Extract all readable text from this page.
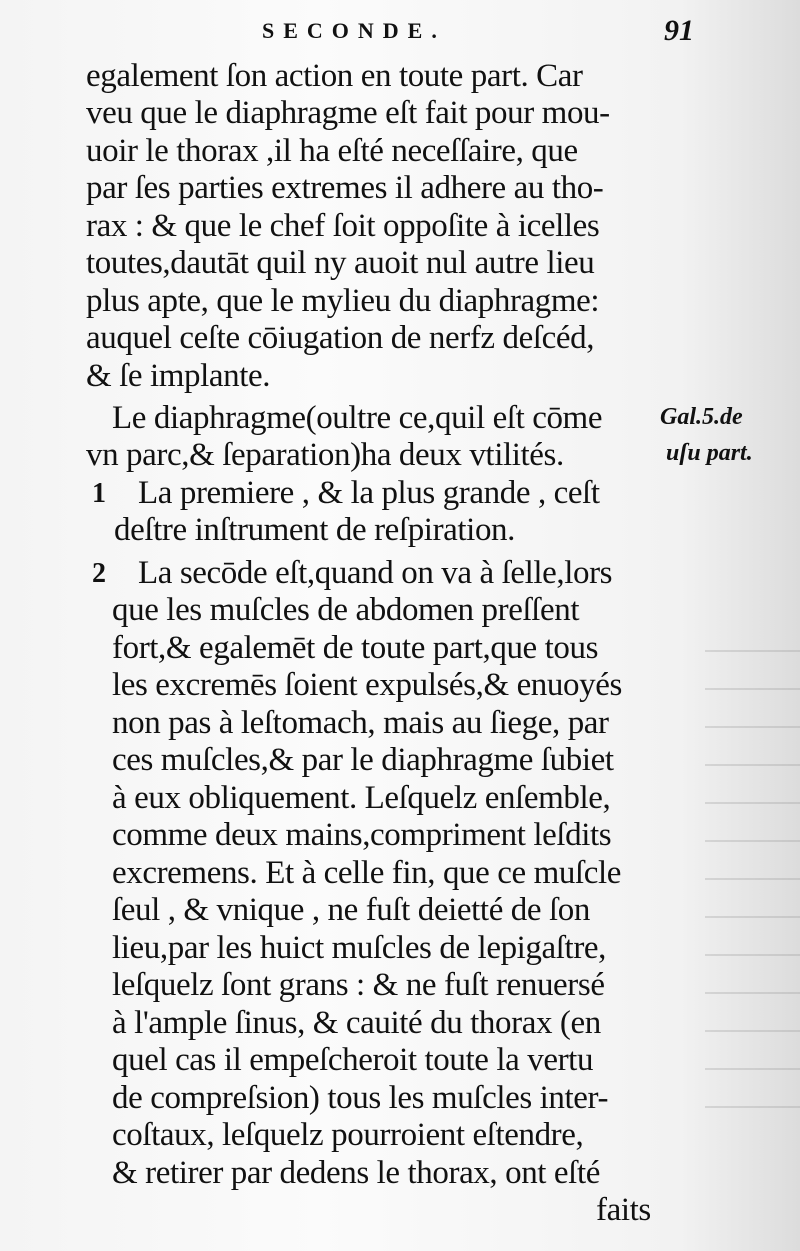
SECONDE.	91
egalement ſon action en toute part. Car
veu que le diaphragme eſt fait pour mou-
uoir le thorax ,il ha eſté neceſſaire, que
par ſes parties extremes il adhere au tho-
rax : & que le chef ſoit oppoſite à icelles
toutes,dautāt quil ny auoit nul autre lieu
plus apte, que le mylieu du diaphragme:
auquel ceſte cōiugation de nerfz deſcéd,
& ſe implante.
Le diaphragme(oultre ce,quil eſt cōme
vn parc,& ſeparation)ha deux vtilités.
1 La premiere , & la plus grande , ceſt
deſtre inſtrument de reſpiration.
2 La secōde eſt,quand on va à ſelle,lors
que les muſcles de abdomen preſſent
fort,& egalemēt de toute part,que tous
les excremēs ſoient expulsés,& enuoyés
non pas à leſtomach, mais au ſiege, par
ces muſcles,& par le diaphragme ſubiet
à eux obliquement. Leſquelz enſemble,
comme deux mains,compriment leſdits
excremens. Et à celle fin, que ce muſcle
ſeul , & vnique , ne fuſt deietté de ſon
lieu,par les huict muſcles de lepigaſtre,
leſquelz ſont grans : & ne fuſt renuersé
à l'ample ſinus, & cauité du thorax (en
quel cas il empeſcheroit toute la vertu
de compreſsion) tous les muſcles inter-
coſtaux, leſquelz pourroient eſtendre,
& retirer par dedens le thorax, ont eſté
faits
Gal.5.de
uſu part.
